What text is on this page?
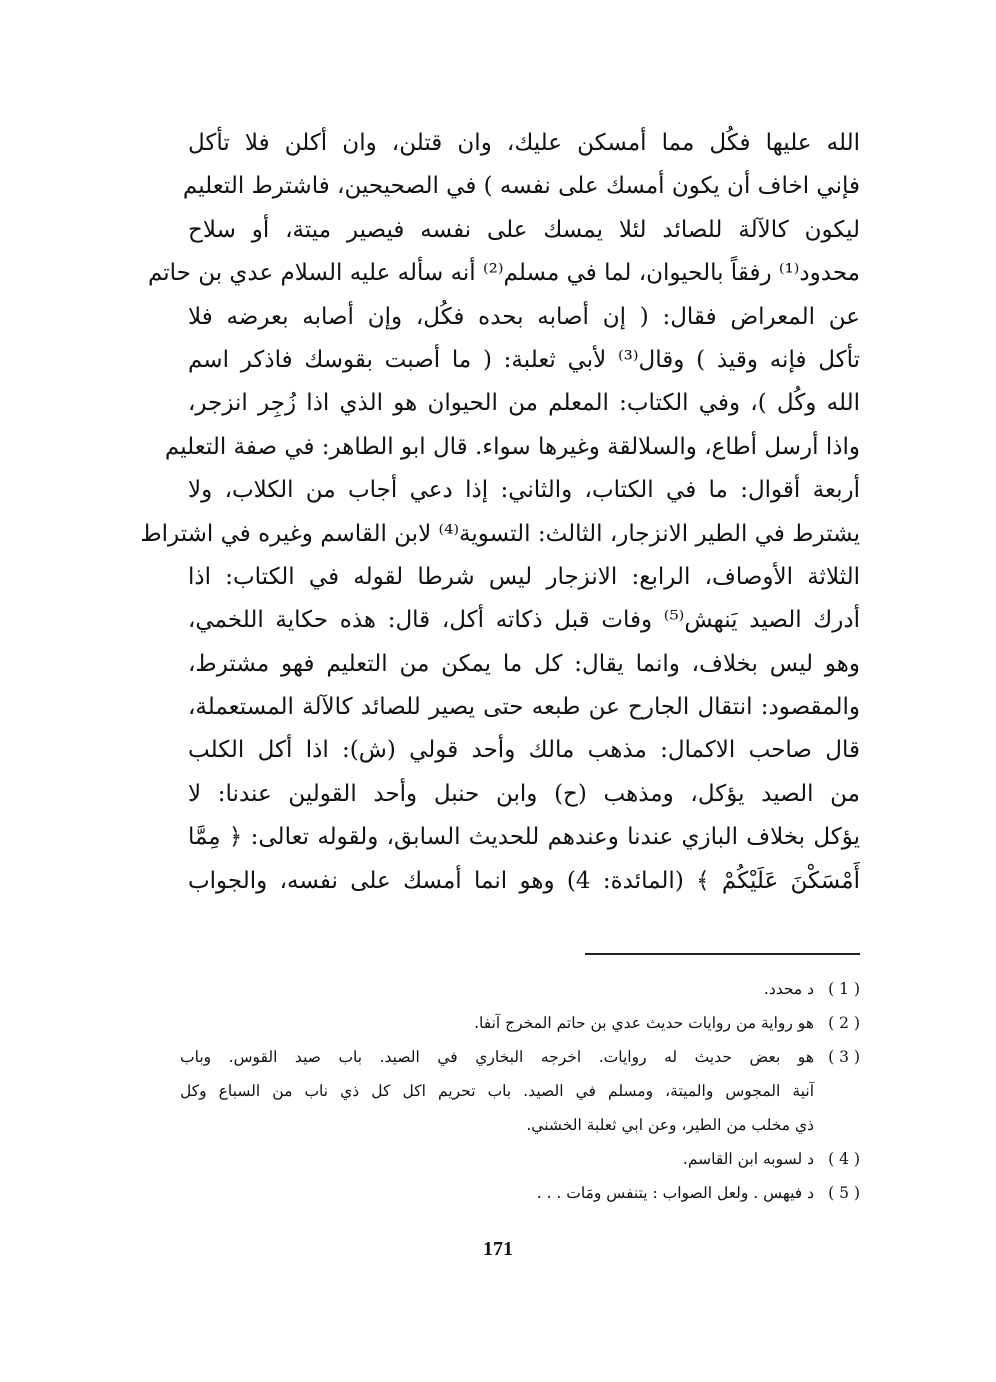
الله عليها فكُل مما أمسكن عليك، وان قتلن، وان أكلن فلا تأكل
فإني اخاف أن يكون أمسك على نفسه ) في الصحيحين، فاشترط التعليم
ليكون كالآلة للصائد لئلا يمسك على نفسه فيصير ميتة، أو سلاح
محدود⁽¹⁾ رفقاً بالحيوان، لما في مسلم⁽²⁾ أنه سأله عليه السلام عدي بن حاتم
عن المعراض فقال: ( إن أصابه بحده فكُل، وإن أصابه بعرضه فلا
تأكل فإنه وقيذ ) وقال⁽³⁾ لأبي ثعلبة: ( ما أصبت بقوسك فاذكر اسم
الله وكُل )، وفي الكتاب: المعلم من الحيوان هو الذي اذا زُجِر انزجر،
واذا أرسل أطاع، والسلالقة وغيرها سواء. قال ابو الطاهر: في صفة التعليم
أربعة أقوال: ما في الكتاب، والثاني: إذا دعي أجاب من الكلاب، ولا
يشترط في الطير الانزجار، الثالث: التسوية⁽⁴⁾ لابن القاسم وغيره في اشتراط
الثلاثة الأوصاف، الرابع: الانزجار ليس شرطا لقوله في الكتاب: اذا
أدرك الصيد يَنهش⁽⁵⁾ وفات قبل ذكاته أكل، قال: هذه حكاية اللخمي،
وهو ليس بخلاف، وانما يقال: كل ما يمكن من التعليم فهو مشترط،
والمقصود: انتقال الجارح عن طبعه حتى يصير للصائد كالآلة المستعملة،
قال صاحب الاكمال: مذهب مالك وأحد قولي (ش): اذا أكل الكلب
من الصيد يؤكل، ومذهب (ح) وابن حنبل وأحد القولين عندنا: لا
يؤكل بخلاف البازي عندنا وعندهم للحديث السابق، ولقوله تعالى: ﴿ مِمَّا
أَمْسَكْنَ عَلَيْكُمْ ﴾ (المائدة: 4) وهو انما أمسك على نفسه، والجواب
( 1 )
د محدد.
( 2 )
هو رواية من روايات حديث عدي بن حاتم المخرج آنفا.
( 3 )
هو بعض حديث له روايات. اخرجه البخاري في الصيد. باب صيد القوس. وباب
آنية المجوس والميتة، ومسلم في الصيد. باب تحريم اكل كل ذي ناب من السباع وكل
ذي مخلب من الطير، وعن ابي ثعلبة الخشني.
( 4 )
د لسوبه ابن القاسم.
( 5 )
د فيهس . ولعل الصواب : يتنفس ومَات . . .
171
